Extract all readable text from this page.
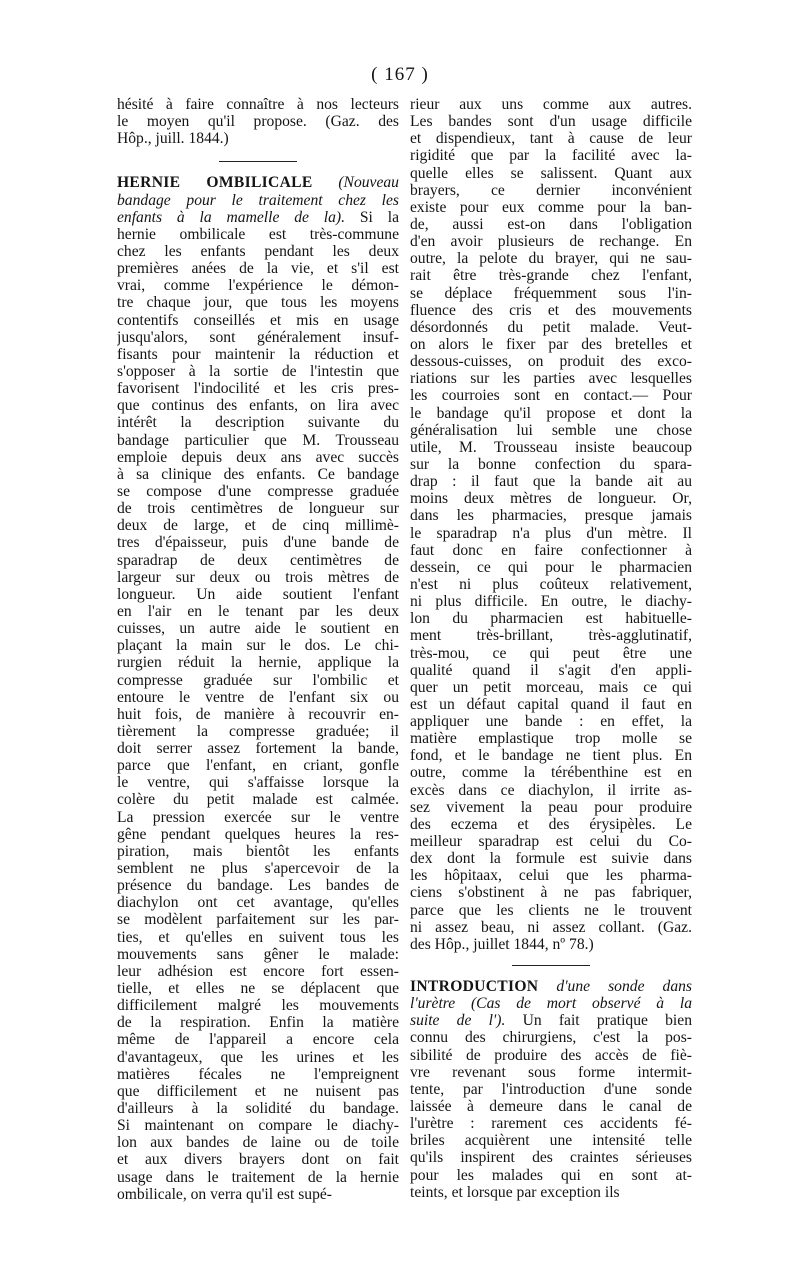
( 167 )
hésité à faire connaître à nos lecteurs
le moyen qu'il propose. (Gaz. des
Hôp., juill. 1844.)
HERNIE OMBILICALE (Nouveau
bandage pour le traitement chez les
enfants à la mamelle de la). Si la
hernie ombilicale est très-commune
chez les enfants pendant les deux
premières anées de la vie, et s'il est
vrai, comme l'expérience le démon-
tre chaque jour, que tous les moyens
contentifs conseillés et mis en usage
jusqu'alors, sont généralement insuf-
fisants pour maintenir la réduction et
s'opposer à la sortie de l'intestin que
favorisent l'indocilité et les cris pres-
que continus des enfants, on lira avec
intérêt la description suivante du
bandage particulier que M. Trousseau
emploie depuis deux ans avec succès
à sa clinique des enfants. Ce bandage
se compose d'une compresse graduée
de trois centimètres de longueur sur
deux de large, et de cinq millimè-
tres d'épaisseur, puis d'une bande de
sparadrap de deux centimètres de
largeur sur deux ou trois mètres de
longueur. Un aide soutient l'enfant
en l'air en le tenant par les deux
cuisses, un autre aide le soutient en
plaçant la main sur le dos. Le chi-
rurgien réduit la hernie, applique la
compresse graduée sur l'ombilic et
entoure le ventre de l'enfant six ou
huit fois, de manière à recouvrir en-
tièrement la compresse graduée; il
doit serrer assez fortement la bande,
parce que l'enfant, en criant, gonfle
le ventre, qui s'affaisse lorsque la
colère du petit malade est calmée.
La pression exercée sur le ventre
gêne pendant quelques heures la res-
piration, mais bientôt les enfants
semblent ne plus s'apercevoir de la
présence du bandage. Les bandes de
diachylon ont cet avantage, qu'elles
se modèlent parfaitement sur les par-
ties, et qu'elles en suivent tous les
mouvements sans gêner le malade:
leur adhésion est encore fort essen-
tielle, et elles ne se déplacent que
difficilement malgré les mouvements
de la respiration. Enfin la matière
même de l'appareil a encore cela
d'avantageux, que les urines et les
matières fécales ne l'empreignent
que difficilement et ne nuisent pas
d'ailleurs à la solidité du bandage.
Si maintenant on compare le diachy-
lon aux bandes de laine ou de toile
et aux divers brayers dont on fait
usage dans le traitement de la hernie
ombilicale, on verra qu'il est supé-
rieur aux uns comme aux autres.
Les bandes sont d'un usage difficile
et dispendieux, tant à cause de leur
rigidité que par la facilité avec la-
quelle elles se salissent. Quant aux
brayers, ce dernier inconvénient
existe pour eux comme pour la ban-
de, aussi est-on dans l'obligation
d'en avoir plusieurs de rechange. En
outre, la pelote du brayer, qui ne sau-
rait être très-grande chez l'enfant,
se déplace fréquemment sous l'in-
fluence des cris et des mouvements
désordonnés du petit malade. Veut-
on alors le fixer par des bretelles et
dessous-cuisses, on produit des exco-
riations sur les parties avec lesquelles
les courroies sont en contact.— Pour
le bandage qu'il propose et dont la
généralisation lui semble une chose
utile, M. Trousseau insiste beaucoup
sur la bonne confection du spara-
drap : il faut que la bande ait au
moins deux mètres de longueur. Or,
dans les pharmacies, presque jamais
le sparadrap n'a plus d'un mètre. Il
faut donc en faire confectionner à
dessein, ce qui pour le pharmacien
n'est ni plus coûteux relativement,
ni plus difficile. En outre, le diachy-
lon du pharmacien est habituelle-
ment très-brillant, très-agglutinatif,
très-mou, ce qui peut être une
qualité quand il s'agit d'en appli-
quer un petit morceau, mais ce qui
est un défaut capital quand il faut en
appliquer une bande : en effet, la
matière emplastique trop molle se
fond, et le bandage ne tient plus. En
outre, comme la térébenthine est en
excès dans ce diachylon, il irrite as-
sez vivement la peau pour produire
des eczema et des érysipèles. Le
meilleur sparadrap est celui du Co-
dex dont la formule est suivie dans
les hôpitaax, celui que les pharma-
ciens s'obstinent à ne pas fabriquer,
parce que les clients ne le trouvent
ni assez beau, ni assez collant. (Gaz.
des Hôp., juillet 1844, nº 78.)
INTRODUCTION d'une sonde dans
l'urètre (Cas de mort observé à la
suite de l'). Un fait pratique bien
connu des chirurgiens, c'est la pos-
sibilité de produire des accès de fiè-
vre revenant sous forme intermit-
tente, par l'introduction d'une sonde
laissée à demeure dans le canal de
l'urètre : rarement ces accidents fé-
briles acquièrent une intensité telle
qu'ils inspirent des craintes sérieuses
pour les malades qui en sont at-
teints, et lorsque par exception ils
